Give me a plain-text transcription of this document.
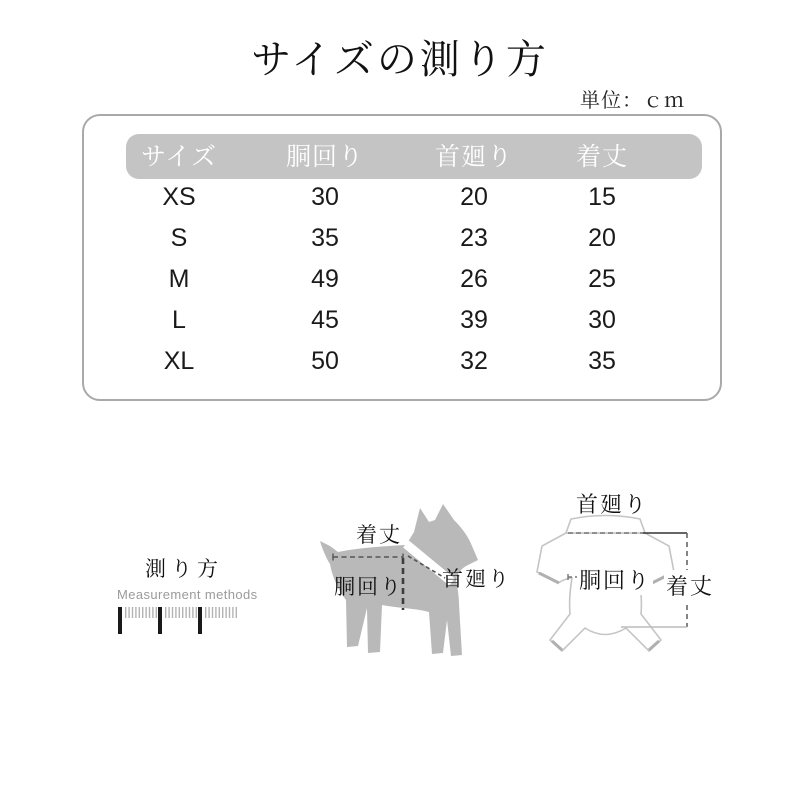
サイズの測り方
単位：ｃｍ
サイズ	胴回り	首廻り	着丈
XS	30	20	15
S	35	23	20
M	49	26	25
L	45	39	30
XL	50	32	35
測り方
Measurement methods
着丈
胴回り 首廻り
首廻り
胴回り 着丈
